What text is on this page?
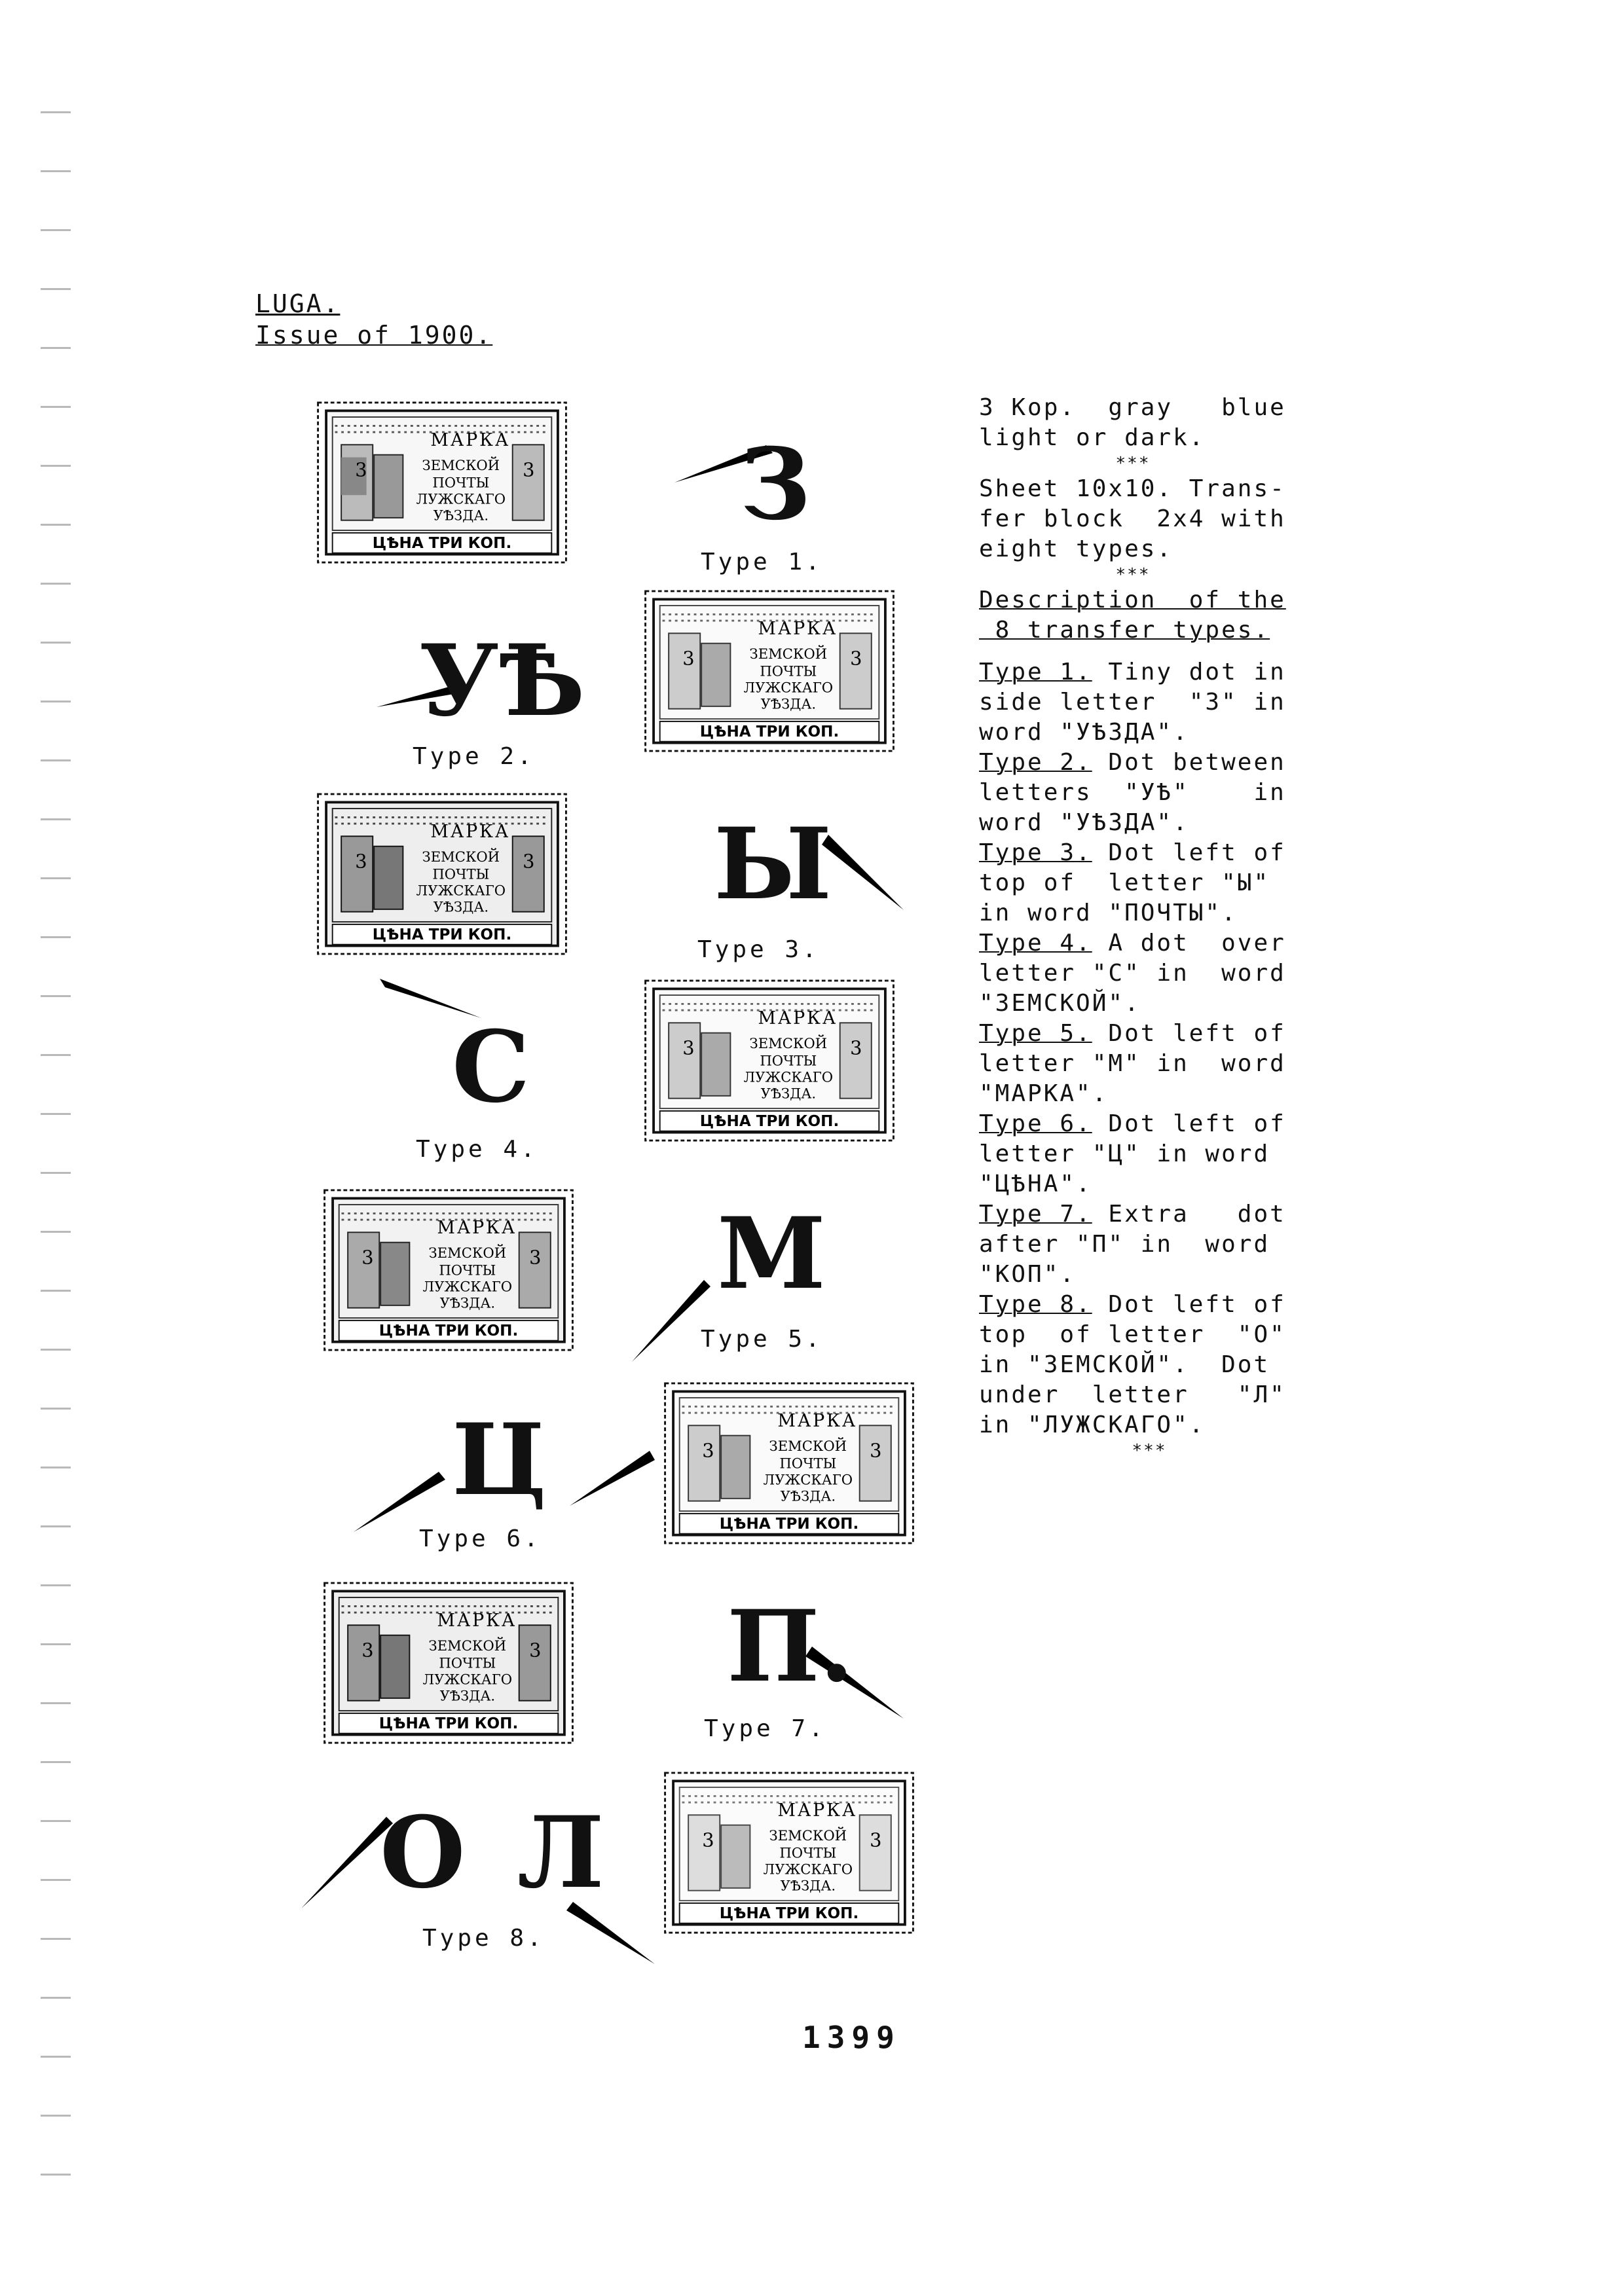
LUGA.
Issue of 1900.
3	3
МАРКА
ЗЕМСКОЙ
ПОЧТЫ
ЛУЖСКАГО
УѢЗДА.
ЦѢНА ТРИ КОП.
3	3
МАРКА
ЗЕМСКОЙ
ПОЧТЫ
ЛУЖСКАГО
УѢЗДА.
ЦѢНА ТРИ КОП.
3	3
МАРКА
ЗЕМСКОЙ
ПОЧТЫ
ЛУЖСКАГО
УѢЗДА.
ЦѢНА ТРИ КОП.
3	3
МАРКА
ЗЕМСКОЙ
ПОЧТЫ
ЛУЖСКАГО
УѢЗДА.
ЦѢНА ТРИ КОП.
3	3
МАРКА
ЗЕМСКОЙ
ПОЧТЫ
ЛУЖСКАГО
УѢЗДА.
ЦѢНА ТРИ КОП.
3	3
МАРКА
ЗЕМСКОЙ
ПОЧТЫ
ЛУЖСКАГО
УѢЗДА.
ЦѢНА ТРИ КОП.
3	3
МАРКА
ЗЕМСКОЙ
ПОЧТЫ
ЛУЖСКАГО
УѢЗДА.
ЦѢНА ТРИ КОП.
3	3
МАРКА
ЗЕМСКОЙ
ПОЧТЫ
ЛУЖСКАГО
УѢЗДА.
ЦѢНА ТРИ КОП.
З
Type 1.
УѢ
Type 2.
Ы
Type 3.
С
Type 4.
М
Type 5.
Ц
Type 6.
П.
Type 7.
О Л
Type 8.

3 Kop.  gray   blue

light or dark.

***

Sheet 10x10. Trans-

fer block  2x4 with

eight types.

***

Description  of the

8 transfer types.

Type 1. Tiny dot in

side letter  "3" in

word "УѢЗДА".

Type 2. Dot between

letters  "УѢ"    in

word "УѢЗДА".

Type 3. Dot left of

top of  letter "Ы"

in word "ПОЧТЫ".

Type 4. A dot  over

letter "С" in  word

"ЗЕМСКОЙ".

Type 5. Dot left of

letter "М" in  word

"МАРКА".

Type 6. Dot left of

letter "Ц" in word

"ЦѢНА".

Type 7. Extra   dot

after "П" in  word

"КОП".

Type 8. Dot left of

top  of letter  "О"

in "ЗЕМСКОЙ".  Dot

under  letter   "Л"

in "ЛУЖСКАГО".

***
1399
